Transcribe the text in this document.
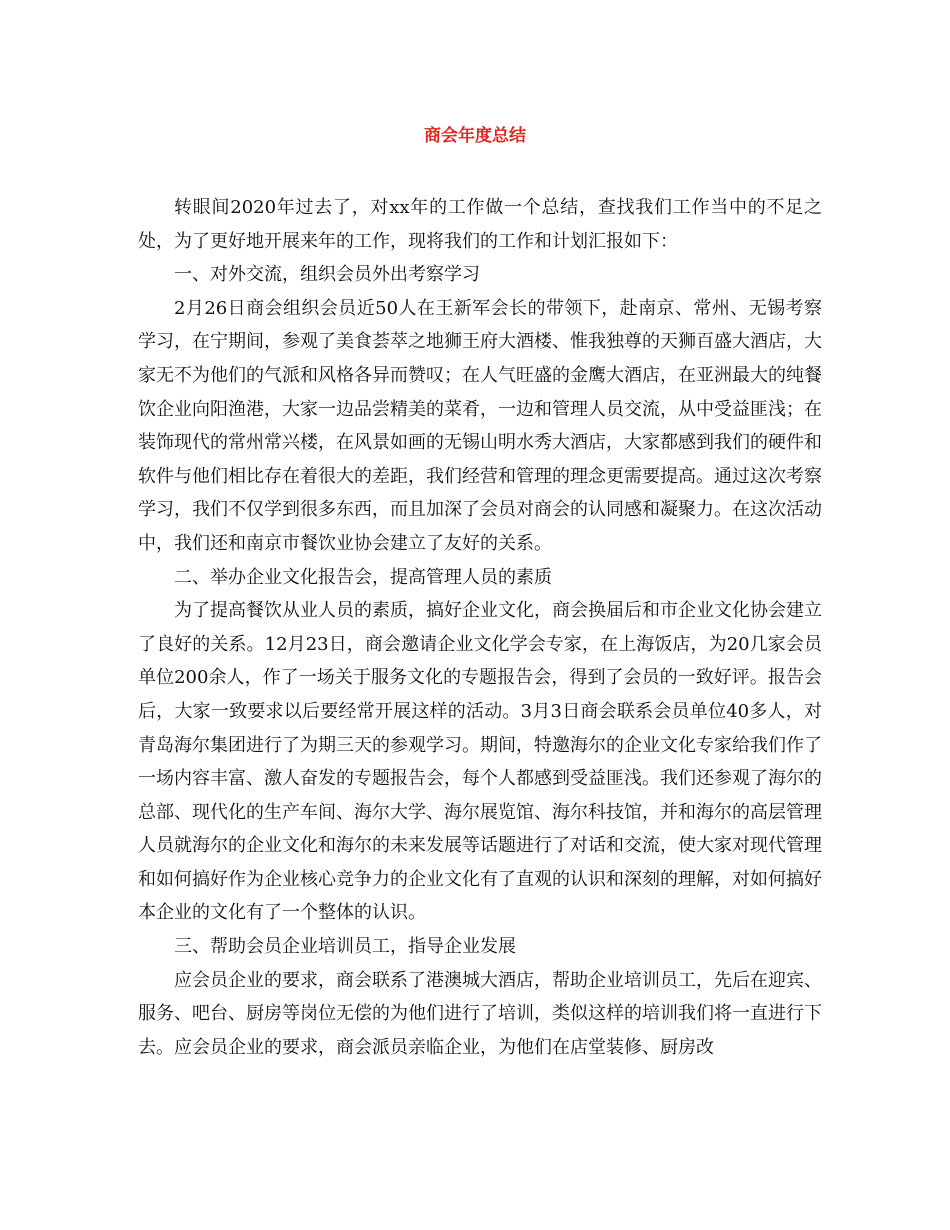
商会年度总结

转眼间2020年过去了，对xx年的工作做一个总结，查找我们工作当中的不足之处，为了更好地开展来年的工作，现将我们的工作和计划汇报如下：

一、对外交流，组织会员外出考察学习

2月26日商会组织会员近50人在王新军会长的带领下，赴南京、常州、无锡考察学习，在宁期间，参观了美食荟萃之地狮王府大酒楼、惟我独尊的天狮百盛大酒店，大家无不为他们的气派和风格各异而赞叹；在人气旺盛的金鹰大酒店，在亚洲最大的纯餐饮企业向阳渔港，大家一边品尝精美的菜肴，一边和管理人员交流，从中受益匪浅；在装饰现代的常州常兴楼，在风景如画的无锡山明水秀大酒店，大家都感到我们的硬件和软件与他们相比存在着很大的差距，我们经营和管理的理念更需要提高。通过这次考察学习，我们不仅学到很多东西，而且加深了会员对商会的认同感和凝聚力。在这次活动中，我们还和南京市餐饮业协会建立了友好的关系。

二、举办企业文化报告会，提高管理人员的素质

为了提高餐饮从业人员的素质，搞好企业文化，商会换届后和市企业文化协会建立了良好的关系。12月23日，商会邀请企业文化学会专家，在上海饭店，为20几家会员单位200余人，作了一场关于服务文化的专题报告会，得到了会员的一致好评。报告会后，大家一致要求以后要经常开展这样的活动。3月3日商会联系会员单位40多人，对青岛海尔集团进行了为期三天的参观学习。期间，特邀海尔的企业文化专家给我们作了一场内容丰富、激人奋发的专题报告会，每个人都感到受益匪浅。我们还参观了海尔的总部、现代化的生产车间、海尔大学、海尔展览馆、海尔科技馆，并和海尔的高层管理人员就海尔的企业文化和海尔的未来发展等话题进行了对话和交流，使大家对现代管理和如何搞好作为企业核心竞争力的企业文化有了直观的认识和深刻的理解，对如何搞好本企业的文化有了一个整体的认识。

三、帮助会员企业培训员工，指导企业发展

应会员企业的要求，商会联系了港澳城大酒店，帮助企业培训员工，先后在迎宾、服务、吧台、厨房等岗位无偿的为他们进行了培训，类似这样的培训我们将一直进行下去。应会员企业的要求，商会派员亲临企业，为他们在店堂装修、厨房改
